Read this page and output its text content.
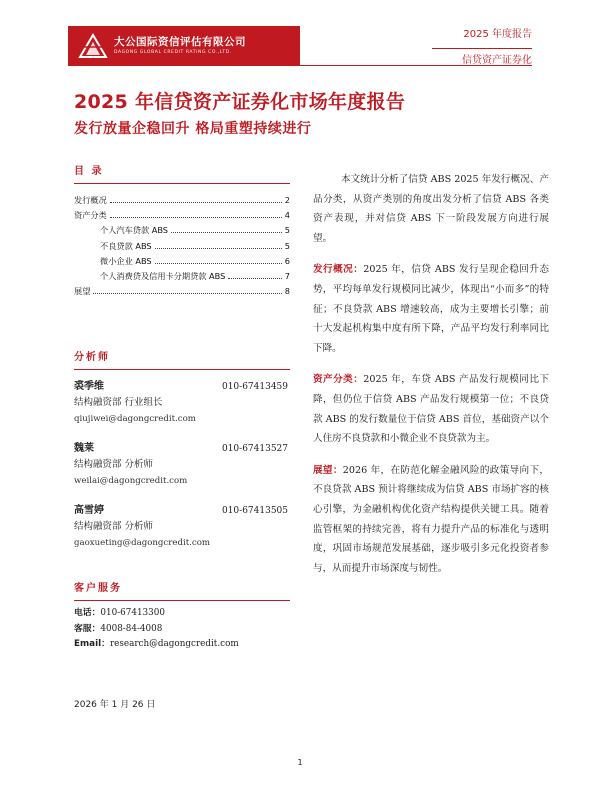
大公国际资信评估有限公司
DAGONG GLOBAL CREDIT RATING CO.,LTD.
2025 年度报告
信贷资产证券化
2025 年信贷资产证券化市场年度报告
发行放量企稳回升 格局重塑持续进行
目 录
发行概况	2
资产分类	4
个人汽车贷款 ABS	5
不良贷款 ABS	5
微小企业 ABS	6
个人消费贷及信用卡分期贷款 ABS	7
展望	8
分析师
裘季维	010-67413459
结构融资部 行业组长
qiujiwei@dagongcredit.com
魏莱	010-67413527
结构融资部 分析师
weilai@dagongcredit.com
高雪婷	010-67413505
结构融资部 分析师
gaoxueting@dagongcredit.com
客户服务
电话：010-67413300
客服：4008-84-4008
Email：research@dagongcredit.com
2026 年 1 月 26 日

本文统计分析了信贷 ABS 2025 年发行概况、产品分类，从资产类别的角度出发分析了信贷 ABS 各类资产表现，并对信贷 ABS 下一阶段发展方向进行展望。

发行概况：2025 年，信贷 ABS 发行呈现企稳回升态势，平均每单发行规模同比减少，体现出“小而多”的特征；不良贷款 ABS 增速较高，成为主要增长引擎；前十大发起机构集中度有所下降，产品平均发行利率同比下降。

资产分类：2025 年，车贷 ABS 产品发行规模同比下降，但仍位于信贷 ABS 产品发行规模第一位；不良贷款 ABS 的发行数量位于信贷 ABS 首位，基础资产以个人住房不良贷款和小微企业不良贷款为主。

展望：2026 年，在防范化解金融风险的政策导向下，不良贷款 ABS 预计将继续成为信贷 ABS 市场扩容的核心引擎，为金融机构优化资产结构提供关键工具。随着监管框架的持续完善，将有力提升产品的标准化与透明度，巩固市场规范发展基础，逐步吸引多元化投资者参与，从而提升市场深度与韧性。

1
